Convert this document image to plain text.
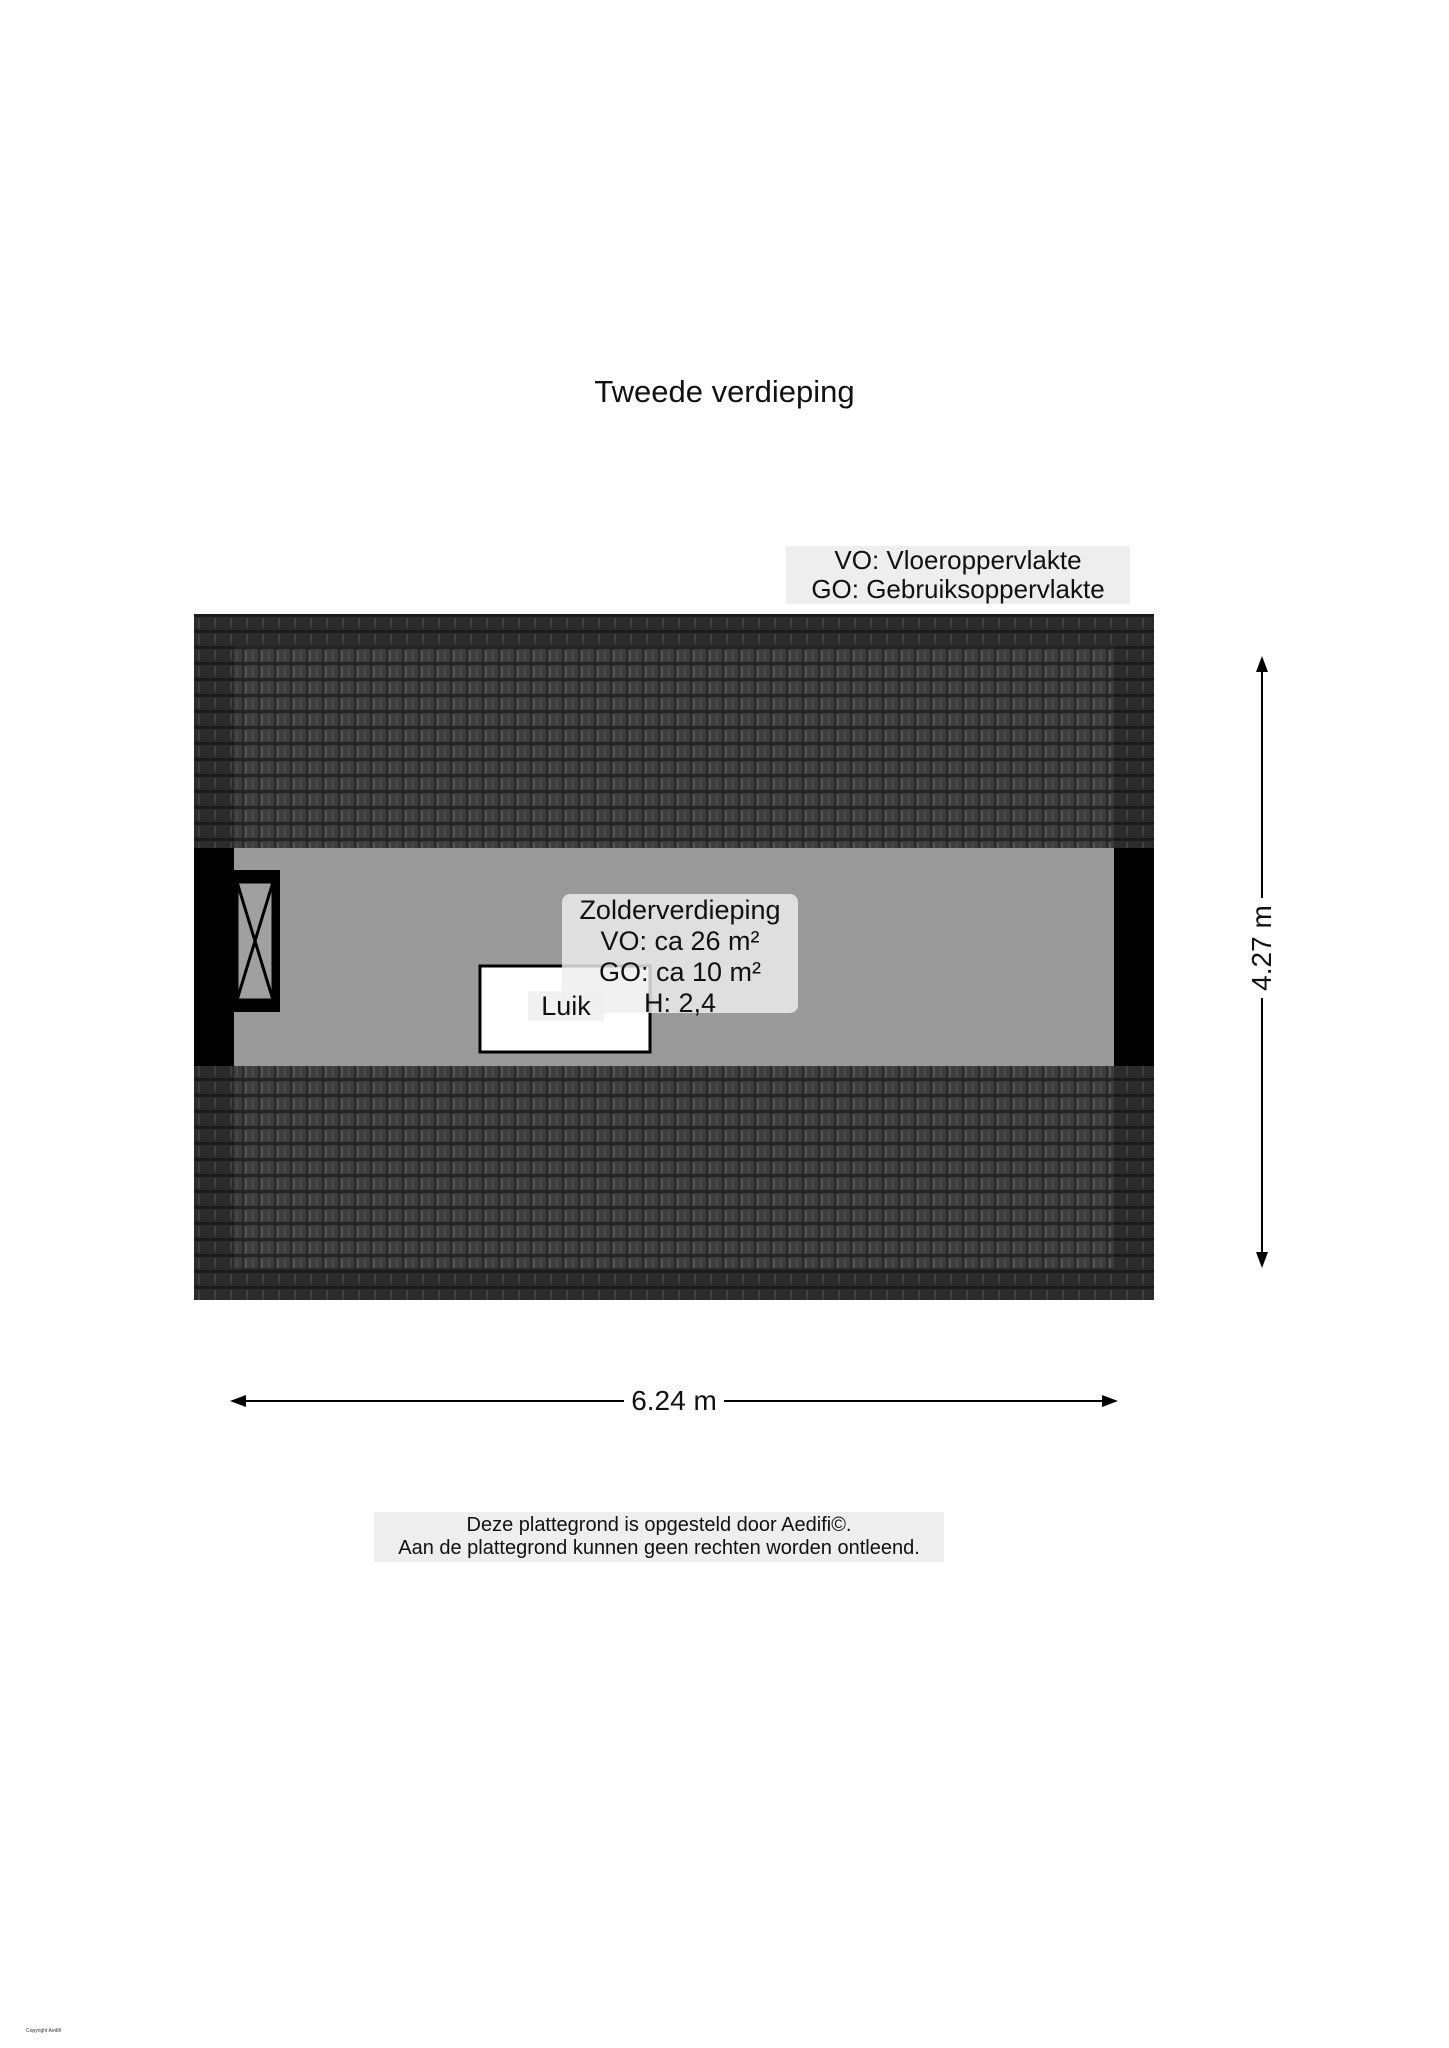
Tweede verdieping
VO: Vloeroppervlakte
GO: Gebruiksoppervlakte
Zolderverdieping
VO: ca 26 m²
GO: ca 10 m²
H: 2,4
Luik
6.24 m
4.27 m
Deze plattegrond is opgesteld door Aedifi©.
Aan de plattegrond kunnen geen rechten worden ontleend.
Copyright Aedifi
